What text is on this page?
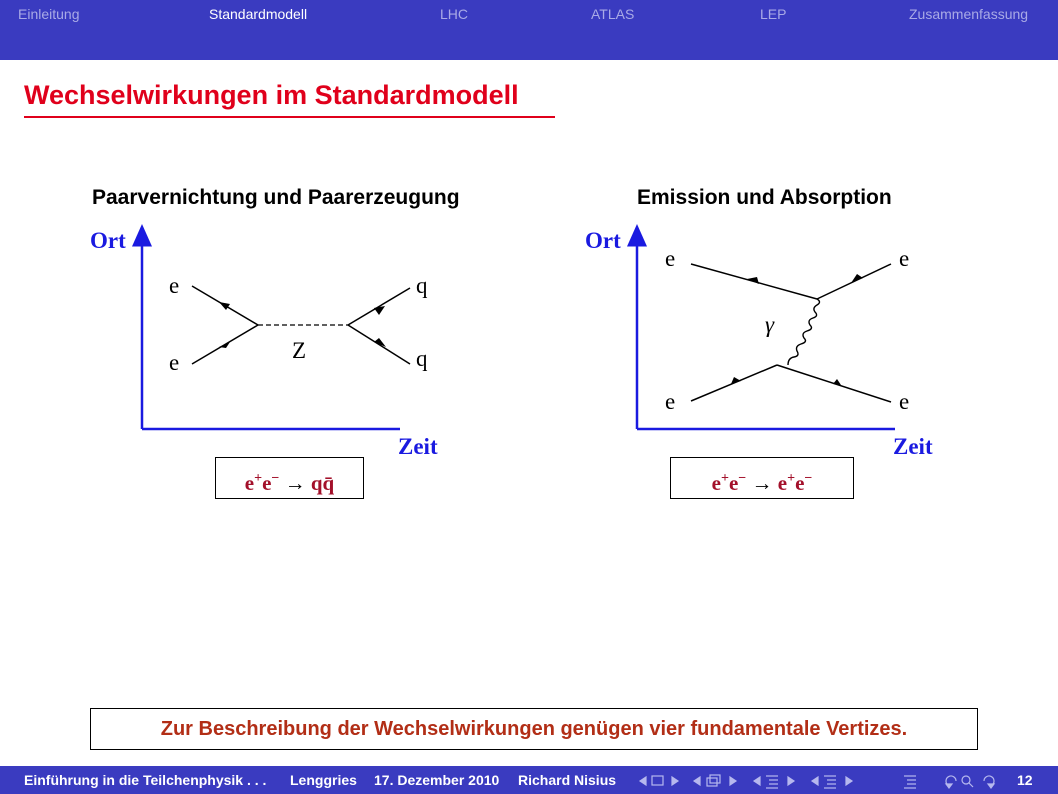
Einleitung	Standardmodell	LHC	ATLAS	LEP	Zusammenfassung
Wechselwirkungen im Standardmodell
Paarvernichtung und Paarerzeugung
Ort
Zeit
e
e
q
q
Z
e+e− → qq̄
Emission und Absorption
Ort
Zeit
e	e
e	e
γ
e+e− → e+e−
Zur Beschreibung der Wechselwirkungen genügen vier fundamentale Vertizes.
Einführung in die Teilchenphysik . . . Lenggries 17. Dezember 2010 Richard Nisius	12
